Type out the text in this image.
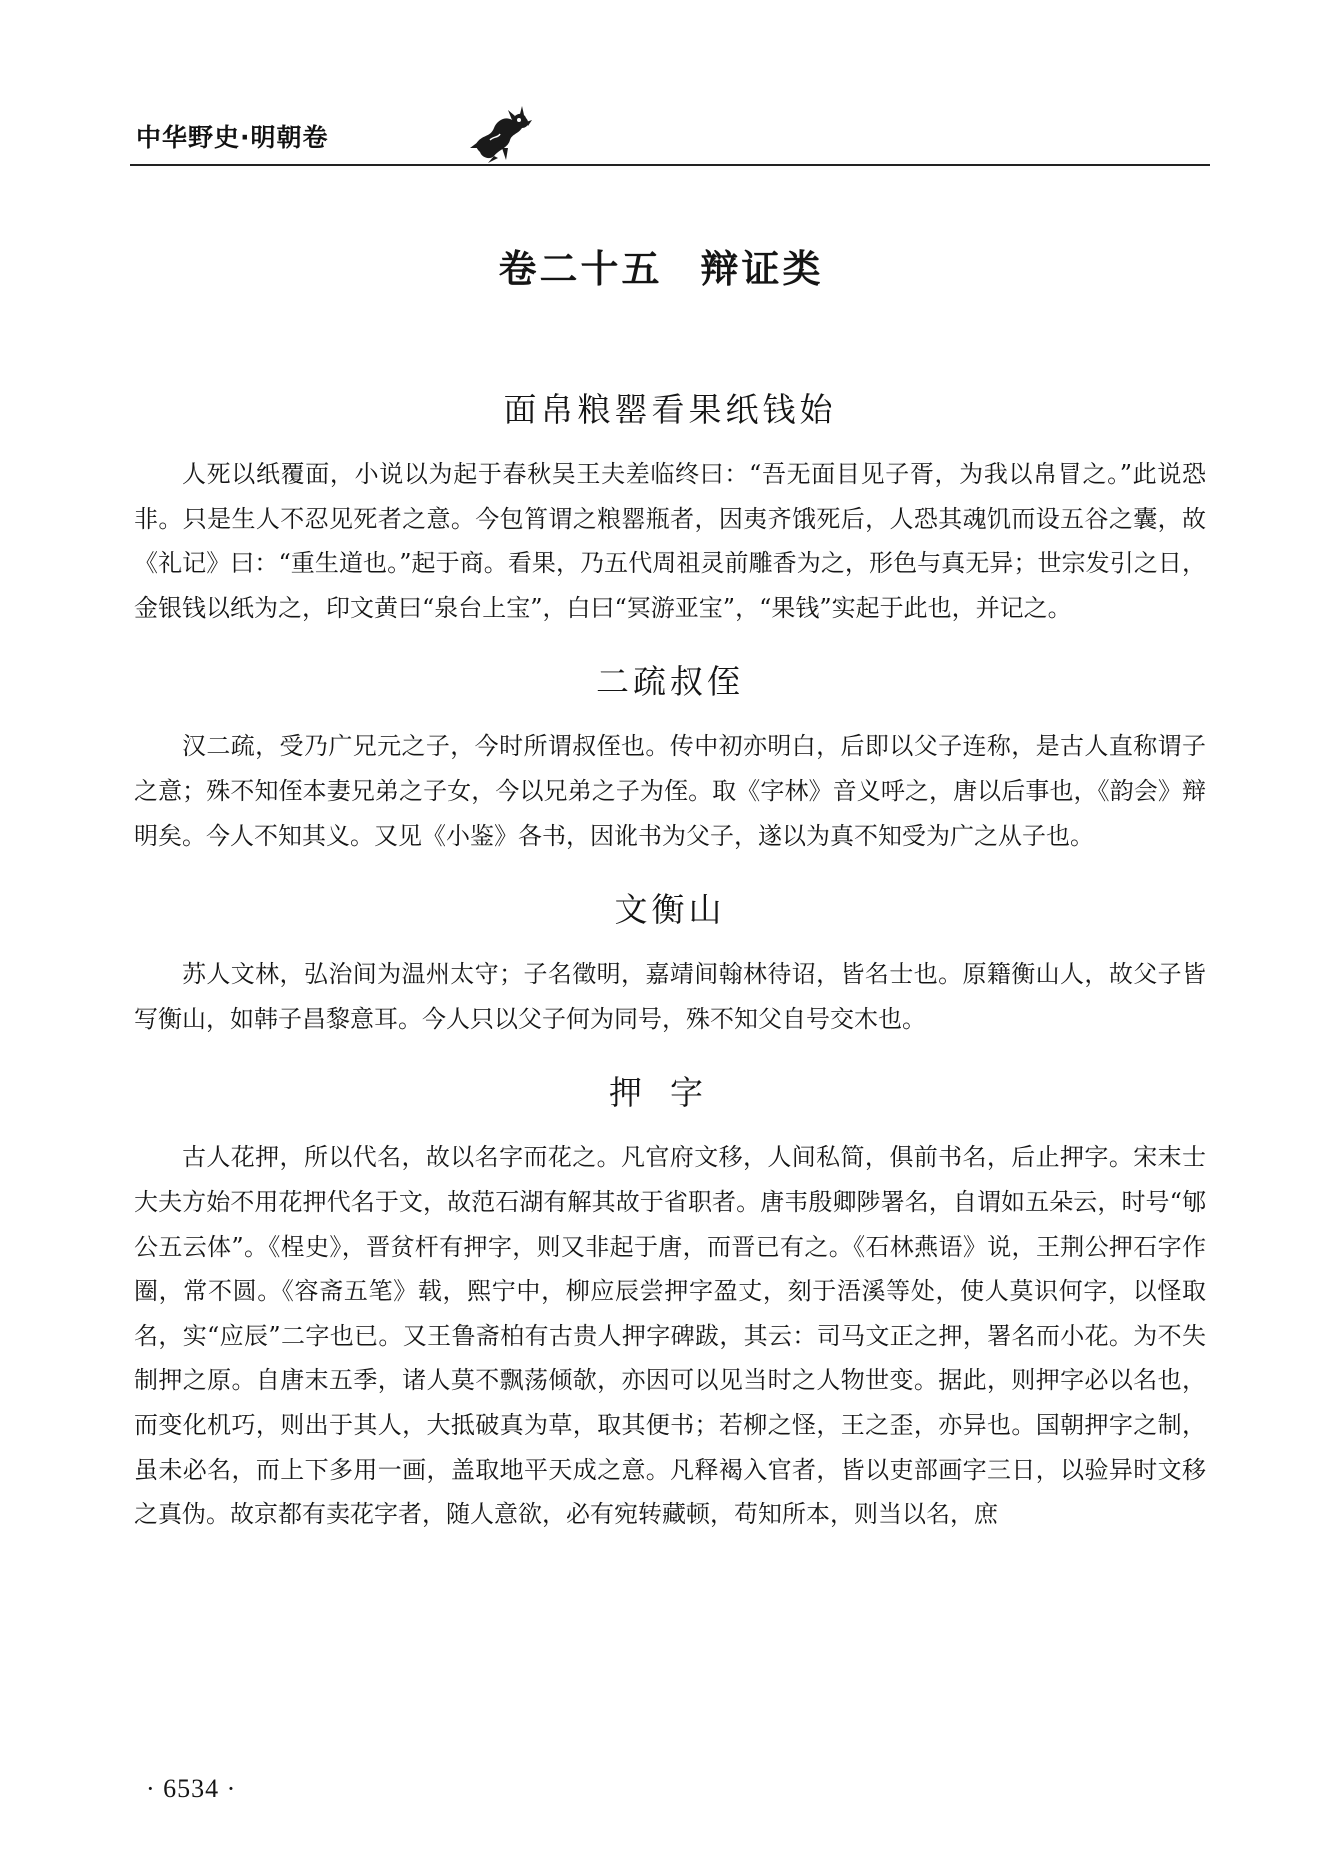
中华野史·明朝卷
卷二十五 辩证类
面帛粮罂看果纸钱始

人死以纸覆面，小说以为起于春秋吴王夫差临终曰：“吾无面目见子胥，为我以帛冒之。”此说恐非。只是生人不忍见死者之意。今包筲谓之粮罂瓶者，因夷齐饿死后，人恐其魂饥而设五谷之囊，故《礼记》曰：“重生道也。”起于商。看果，乃五代周祖灵前雕香为之，形色与真无异；世宗发引之日，金银钱以纸为之，印文黄曰“泉台上宝”，白曰“冥游亚宝”，“果钱”实起于此也，并记之。

二疏叔侄

汉二疏，受乃广兄元之子，今时所谓叔侄也。传中初亦明白，后即以父子连称，是古人直称谓子之意；殊不知侄本妻兄弟之子女，今以兄弟之子为侄。取《字林》音义呼之，唐以后事也，《韵会》辩明矣。今人不知其义。又见《小鉴》各书，因讹书为父子，遂以为真不知受为广之从子也。

文衡山

苏人文林，弘治间为温州太守；子名徵明，嘉靖间翰林待诏，皆名士也。原籍衡山人，故父子皆写衡山，如韩子昌黎意耳。今人只以父子何为同号，殊不知父自号交木也。

押字

古人花押，所以代名，故以名字而花之。凡官府文移，人间私简，俱前书名，后止押字。宋末士大夫方始不用花押代名于文，故范石湖有解其故于省职者。唐韦殷卿陟署名，自谓如五朵云，时号“郇公五云体”。《桯史》，晋贫杆有押字，则又非起于唐，而晋已有之。《石林燕语》说，王荆公押石字作圈，常不圆。《容斋五笔》载，熙宁中，柳应辰尝押字盈丈，刻于浯溪等处，使人莫识何字，以怪取名，实“应辰”二字也已。又王鲁斋柏有古贵人押字碑跋，其云：司马文正之押，署名而小花。为不失制押之原。自唐末五季，诸人莫不飘荡倾欹，亦因可以见当时之人物世变。据此，则押字必以名也，而变化机巧，则出于其人，大抵破真为草，取其便书；若柳之怪，王之歪，亦异也。国朝押字之制，虽未必名，而上下多用一画，盖取地平天成之意。凡释褐入官者，皆以吏部画字三日，以验异时文移之真伪。故京都有卖花字者，随人意欲，必有宛转藏顿，苟知所本，则当以名，庶

· 6534 ·
